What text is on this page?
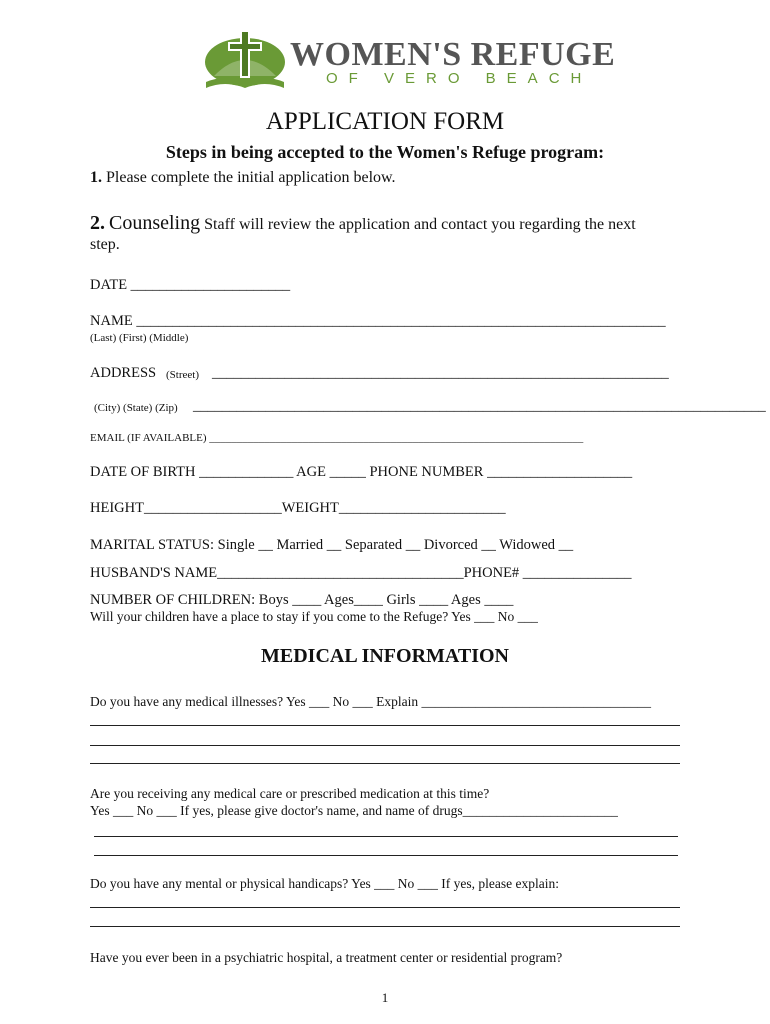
WOMEN'S REFUGE
OF VERO BEACH
APPLICATION FORM
Steps in being accepted to the Women's Refuge program:
1. Please complete the initial application below.
2. Counseling Staff will review the application and contact you regarding the next
step.
DATE ______________________
NAME _________________________________________________________________________
(Last) (First) (Middle)
ADDRESS (Street) _______________________________________________________________
(City) (State) (Zip) _______________________________________________________________________________
EMAIL (IF AVAILABLE) ____________________________________________________________________
DATE OF BIRTH _____________ AGE _____ PHONE NUMBER ____________________
HEIGHT___________________WEIGHT_______________________
MARITAL STATUS: Single __ Married __ Separated __ Divorced __ Widowed __
HUSBAND'S NAME__________________________________PHONE# _______________
NUMBER OF CHILDREN: Boys ____ Ages____ Girls ____ Ages ____
Will your children have a place to stay if you come to the Refuge? Yes ___ No ___
MEDICAL INFORMATION
Do you have any medical illnesses? Yes ___ No ___ Explain __________________________________
Are you receiving any medical care or prescribed medication at this time?
Yes ___ No ___ If yes, please give doctor's name, and name of drugs_______________________
Do you have any mental or physical handicaps? Yes ___ No ___ If yes, please explain:
Have you ever been in a psychiatric hospital, a treatment center or residential program?
1
